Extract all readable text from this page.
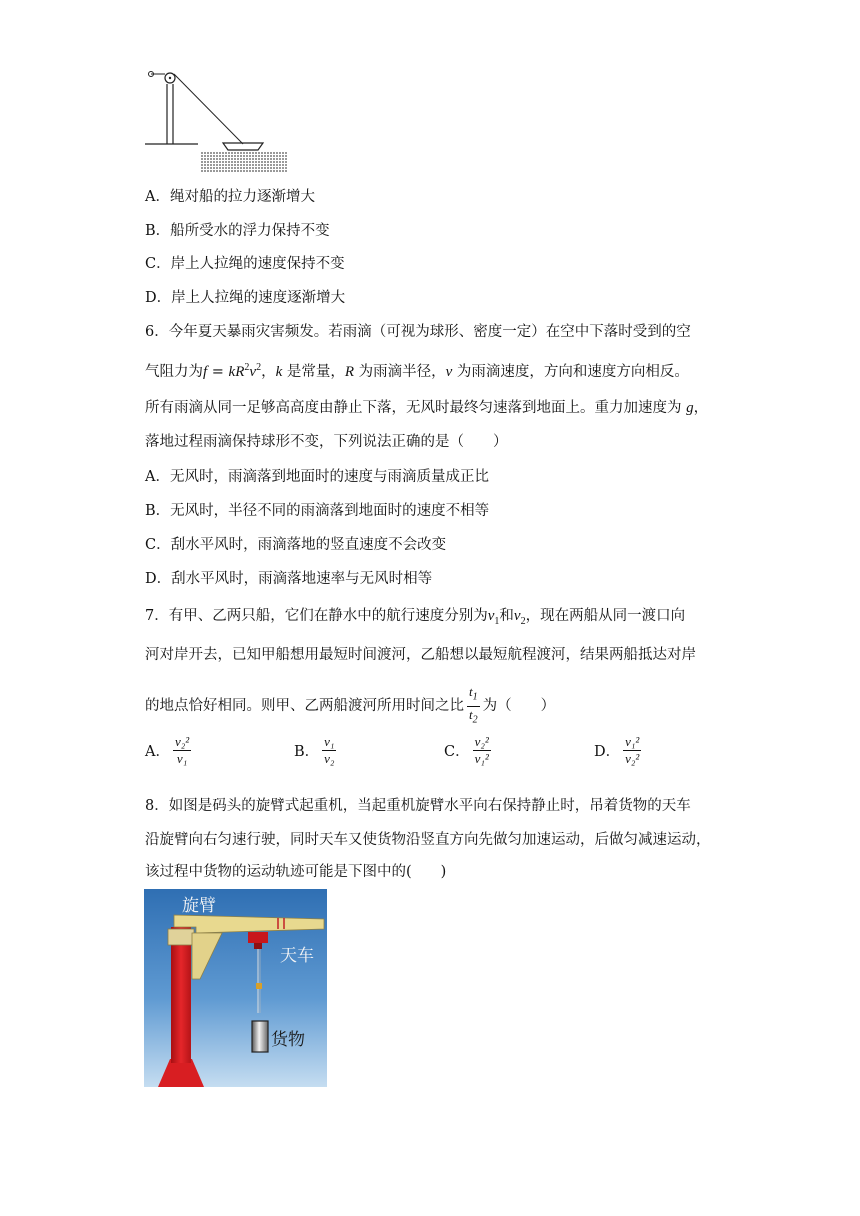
A．绳对船的拉力逐渐增大
B．船所受水的浮力保持不变
C．岸上人拉绳的速度保持不变
D．岸上人拉绳的速度逐渐增大
6．今年夏天暴雨灾害频发。若雨滴（可视为球形、密度一定）在空中下落时受到的空
气阻力为$f = kR^2v^2$，k 是常量，R 为雨滴半径，v 为雨滴速度，方向和速度方向相反。
所有雨滴从同一足够高高度由静止下落，无风时最终匀速落到地面上。重力加速度为 g，
落地过程雨滴保持球形不变，下列说法正确的是（　　）
A．无风时，雨滴落到地面时的速度与雨滴质量成正比
B．无风时，半径不同的雨滴落到地面时的速度不相等
C．刮水平风时，雨滴落地的竖直速度不会改变
D．刮水平风时，雨滴落地速率与无风时相等
7．有甲、乙两只船，它们在静水中的航行速度分别为$v_1$和$v_2$，现在两船从同一渡口向
河对岸开去，已知甲船想用最短时间渡河，乙船想以最短航程渡河，结果两船抵达对岸
的地点恰好相同。则甲、乙两船渡河所用时间之比 $\frac{t_1}{t_2}$ 为（　　）
A． $\frac{\text{v₂²}}{\text{v₁}}$	B． $\frac{\text{v₁}}{\text{v₂}}$	C． $\frac{\text{v₂²}}{\text{v₁²}}$	D． $\frac{\text{v₁²}}{\text{v₂²}}$
8．如图是码头的旋臂式起重机，当起重机旋臂水平向右保持静止时，吊着货物的天车
沿旋臂向右匀速行驶，同时天车又使货物沿竖直方向先做匀加速运动，后做匀减速运动，
该过程中货物的运动轨迹可能是下图中的(　　)
旋臂
天车
货物
